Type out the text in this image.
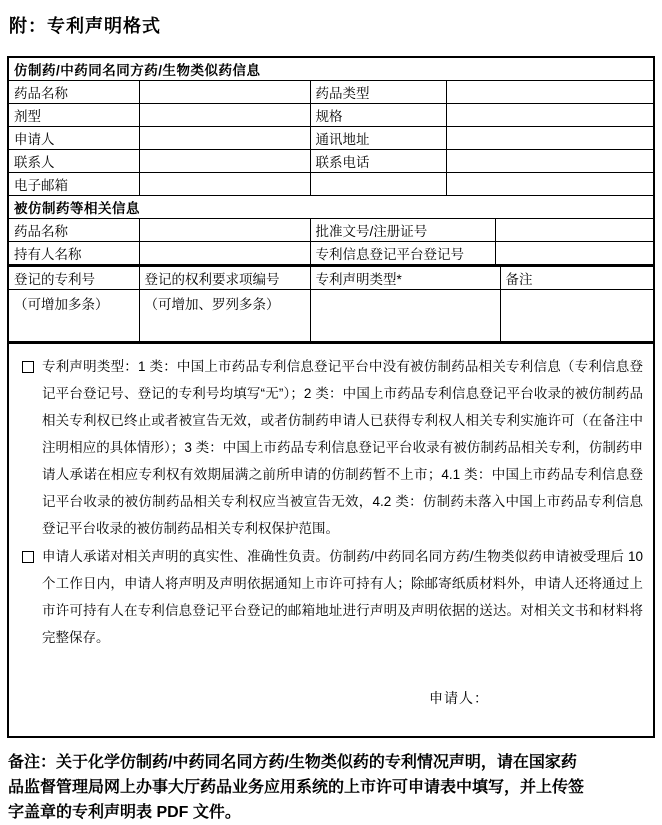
附：专利声明格式
仿制药/中药同名同方药/生物类似药信息			
药品名称		药品类型	
剂型		规格	
申请人		通讯地址	
联系人		联系电话	
电子邮箱			
被仿制药等相关信息			
药品名称		批准文号/注册证号	
持有人名称		专利信息登记平台登记号	
登记的专利号	登记的权利要求项编号	专利声明类型*	备注
（可增加多条）	（可增加、罗列多条）		
专利声明类型：1 类：中国上市药品专利信息登记平台中没有被仿制药品相关专利信息（专利信息登记平台登记号、登记的专利号均填写“无”）；2 类：中国上市药品专利信息登记平台收录的被仿制药品相关专利权已终止或者被宣告无效，或者仿制药申请人已获得专利权人相关专利实施许可（在备注中注明相应的具体情形）；3 类：中国上市药品专利信息登记平台收录有被仿制药品相关专利，仿制药申请人承诺在相应专利权有效期届满之前所申请的仿制药暂不上市；4.1 类：中国上市药品专利信息登记平台收录的被仿制药品相关专利权应当被宣告无效，4.2 类：仿制药未落入中国上市药品专利信息登记平台收录的被仿制药品相关专利权保护范围。
申请人承诺对相关声明的真实性、准确性负责。仿制药/中药同名同方药/生物类似药申请被受理后 10 个工作日内，申请人将声明及声明依据通知上市许可持有人；除邮寄纸质材料外，申请人还将通过上市许可持有人在专利信息登记平台登记的邮箱地址进行声明及声明依据的送达。对相关文书和材料将完整保存。
申请人：
备注：关于化学仿制药/中药同名同方药/生物类似药的专利情况声明，请在国家药品监督管理局网上办事大厅药品业务应用系统的上市许可申请表中填写，并上传签字盖章的专利声明表 PDF 文件。
